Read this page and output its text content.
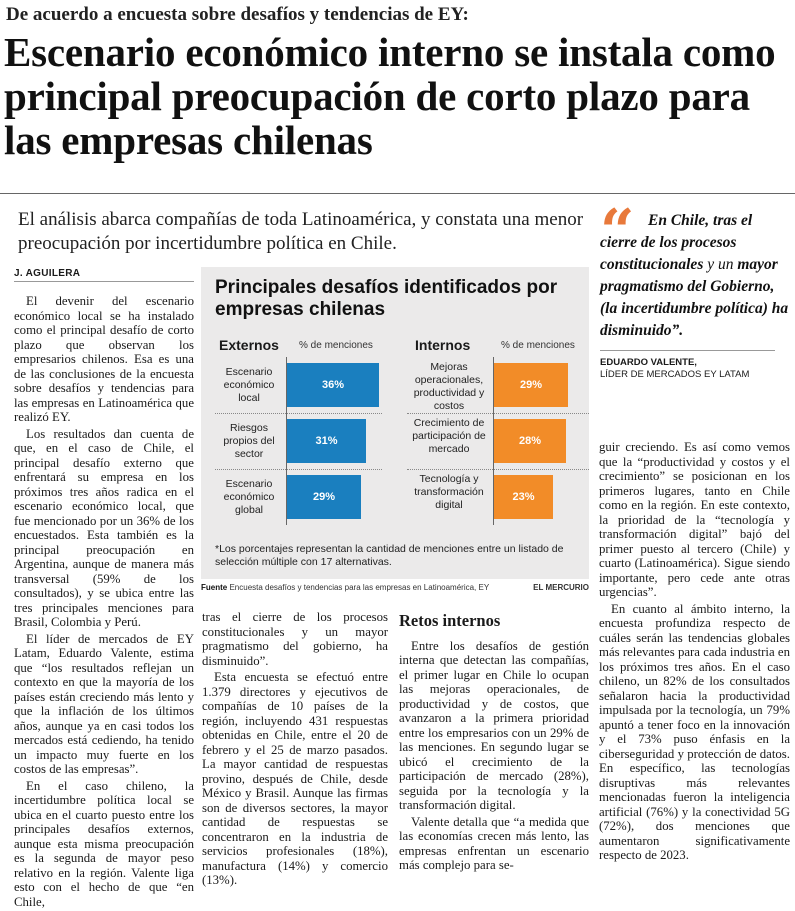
De acuerdo a encuesta sobre desafíos y tendencias de EY:
Escenario económico interno se instala como principal preocupación de corto plazo para las empresas chilenas
El análisis abarca compañías de toda Latinoamérica, y constata una menor preocupación por incertidumbre política en Chile.
J. AGUILERA

El devenir del escenario económico local se ha instalado como el principal desafío de corto plazo que observan los empresarios chilenos. Esa es una de las conclusiones de la encuesta sobre desafíos y tendencias para las empresas en Latinoamérica que realizó EY.

Los resultados dan cuenta de que, en el caso de Chile, el principal desafío externo que enfrentará su empresa en los próximos tres años radica en el escenario económico local, que fue mencionado por un 36% de los encuestados. Esta también es la principal preocupación en Argentina, aunque de manera más transversal (59% de los consultados), y se ubica entre las tres principales menciones para Brasil, Colombia y Perú.

El líder de mercados de EY Latam, Eduardo Valente, estima que “los resultados reflejan un contexto en que la mayoría de los países están creciendo más lento y que la inflación de los últimos años, aunque ya en casi todos los mercados está cediendo, ha tenido un impacto muy fuerte en los costos de las empresas”.

En el caso chileno, la incertidumbre política local se ubica en el cuarto puesto entre los principales desafíos externos, aunque esta misma preocupación es la segunda de mayor peso relativo en la región. Valente liga esto con el hecho de que “en Chile,

Principales desafíos identificados por empresas chilenas
Externos % de menciones	Internos	% de menciones
Escenario económico local
36%
Riesgos propios del sector
31%
Escenario económico global
29%
Mejoras operacionales, productividad y costos
29%
Crecimiento de participación de mercado
28%
Tecnología y transformación digital
23%
*Los porcentajes representan la cantidad de menciones entre un listado de selección múltiple con 17 alternativas.
Fuente Encuesta desafíos y tendencias para las empresas en Latinoamérica, EY	EL MERCURIO

tras el cierre de los procesos constitucionales y un mayor pragmatismo del gobierno, ha disminuido”.

Esta encuesta se efectuó entre 1.379 directores y ejecutivos de compañías de 10 países de la región, incluyendo 431 respuestas obtenidas en Chile, entre el 20 de febrero y el 25 de marzo pasados. La mayor cantidad de respuestas provino, después de Chile, desde México y Brasil. Aunque las firmas son de diversos sectores, la mayor cantidad de respuestas se concentraron en la industria de servicios profesionales (18%), manufactura (14%) y comercio (13%).

Retos internos

Entre los desafíos de gestión interna que detectan las compañías, el primer lugar en Chile lo ocupan las mejoras operacionales, de productividad y de costos, que avanzaron a la primera prioridad entre los empresarios con un 29% de las menciones. En segundo lugar se ubicó el crecimiento de la participación de mercado (28%), seguida por la tecnología y la transformación digital.

Valente detalla que “a medida que las economías crecen más lento, las empresas enfrentan un escenario más complejo para se-

“ En Chile, tras el cierre de los procesos constitucionales y un mayor pragmatismo del Gobierno, (la incertidumbre política) ha disminuido”.
EDUARDO VALENTE,
LÍDER DE MERCADOS EY LATAM

guir creciendo. Es así como vemos que la “productividad y costos y el crecimiento” se posicionan en los primeros lugares, tanto en Chile como en la región. En este contexto, la prioridad de la “tecnología y transformación digital” bajó del primer puesto al tercero (Chile) y cuarto (Latinoamérica). Sigue siendo importante, pero cede ante otras urgencias”.

En cuanto al ámbito interno, la encuesta profundiza respecto de cuáles serán las tendencias globales más relevantes para cada industria en los próximos tres años. En el caso chileno, un 82% de los consultados señalaron hacia la productividad impulsada por la tecnología, un 79% apuntó a tener foco en la innovación y el 73% puso énfasis en la ciberseguridad y protección de datos. En específico, las tecnologías disruptivas más relevantes mencionadas fueron la inteligencia artificial (76%) y la conectividad 5G (72%), dos menciones que aumentaron significativamente respecto de 2023.
